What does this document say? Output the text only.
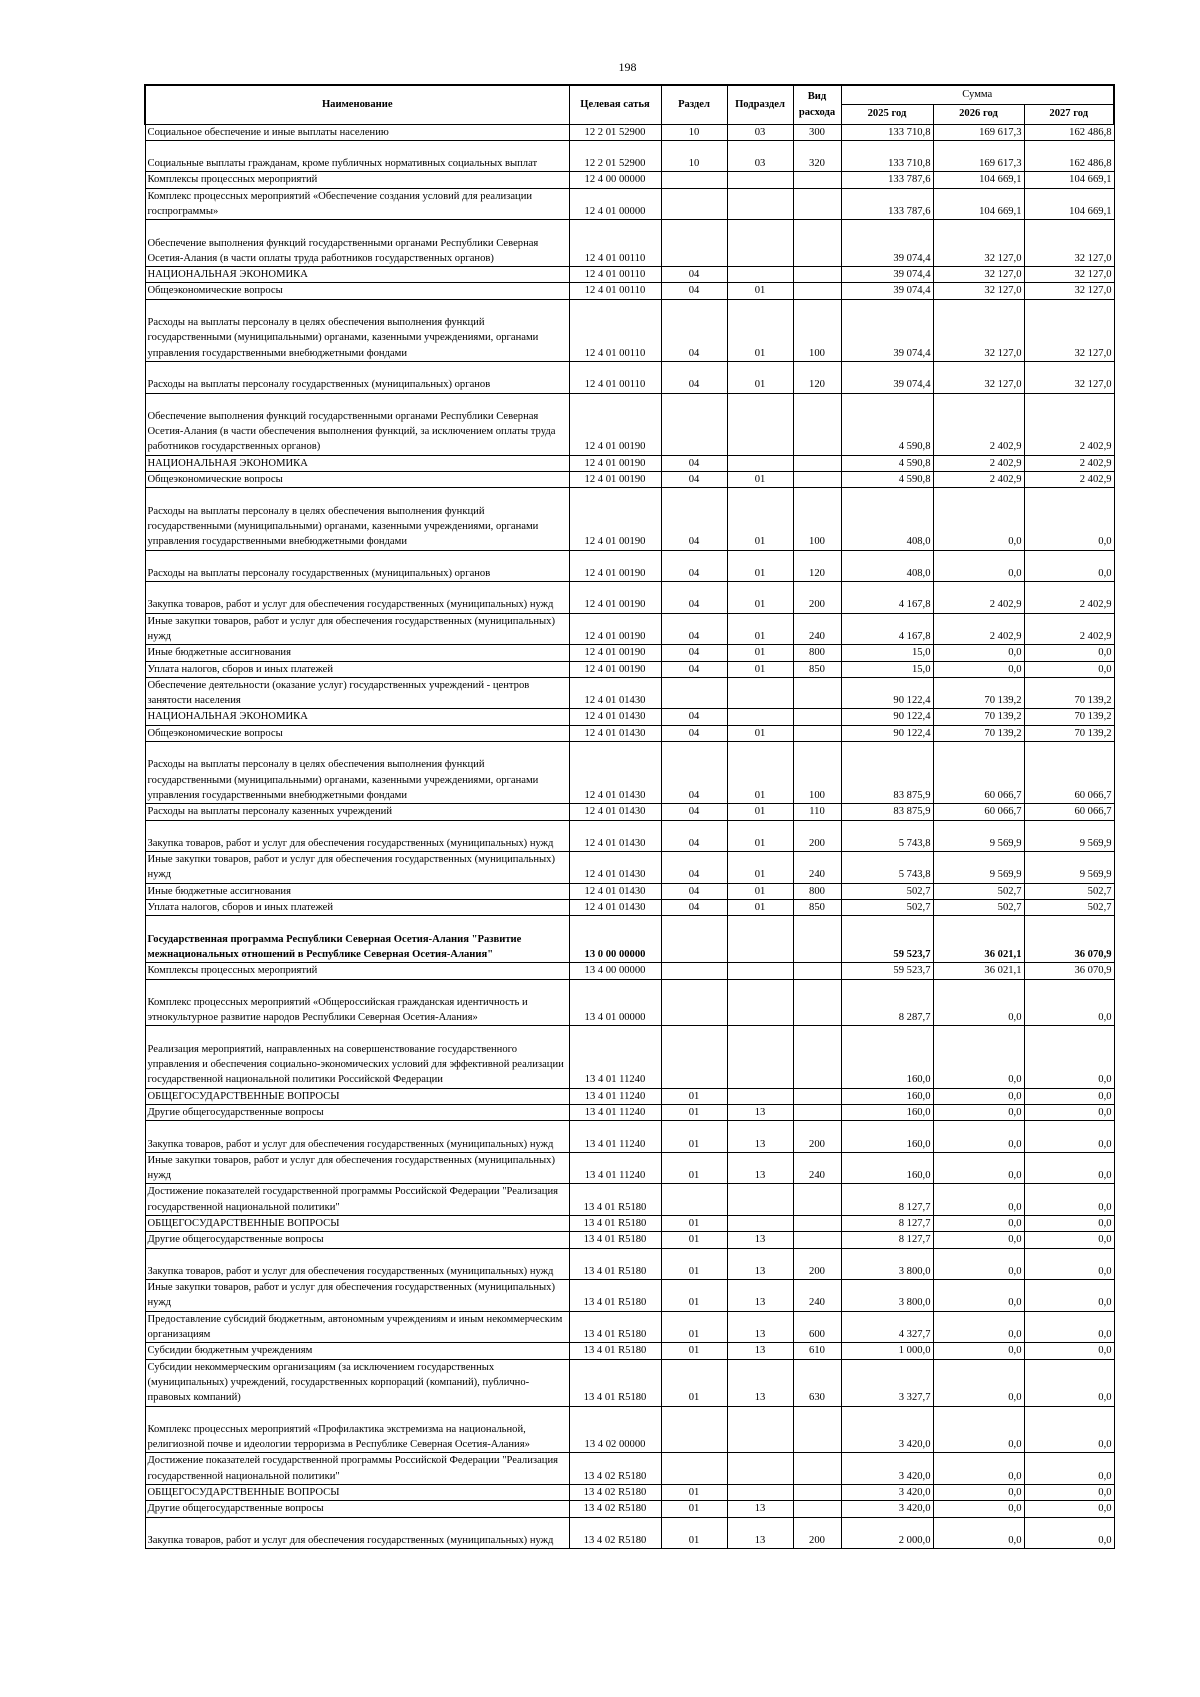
198
Наименование	Целевая сатья	Раздел	Подраздел	Вид расхода	Сумма		
					2025 год	2026 год	2027 год
Социальное обеспечение и иные выплаты населению	12 2 01 52900	10	03	300	133 710,8	169 617,3	162 486,8
Социальные выплаты гражданам, кроме публичных нормативных социальных выплат	12 2 01 52900	10	03	320	133 710,8	169 617,3	162 486,8
Комплексы процессных мероприятий	12 4 00 00000				133 787,6	104 669,1	104 669,1
Комплекс процессных мероприятий «Обеспечение создания условий для реализации госпрограммы»	12 4 01 00000				133 787,6	104 669,1	104 669,1
Обеспечение выполнения функций государственными органами Республики Северная Осетия-Алания (в части оплаты труда работников государственных органов)	12 4 01 00110				39 074,4	32 127,0	32 127,0
НАЦИОНАЛЬНАЯ ЭКОНОМИКА	12 4 01 00110	04			39 074,4	32 127,0	32 127,0
Общеэкономические вопросы	12 4 01 00110	04	01		39 074,4	32 127,0	32 127,0
Расходы на выплаты персоналу в целях обеспечения выполнения функций государственными (муниципальными) органами, казенными учреждениями, органами управления государственными внебюджетными фондами	12 4 01 00110	04	01	100	39 074,4	32 127,0	32 127,0
Расходы на выплаты персоналу государственных (муниципальных) органов	12 4 01 00110	04	01	120	39 074,4	32 127,0	32 127,0
Обеспечение выполнения функций государственными органами Республики Северная Осетия-Алания (в части обеспечения выполнения функций, за исключением оплаты труда работников государственных органов)	12 4 01 00190				4 590,8	2 402,9	2 402,9
НАЦИОНАЛЬНАЯ ЭКОНОМИКА	12 4 01 00190	04			4 590,8	2 402,9	2 402,9
Общеэкономические вопросы	12 4 01 00190	04	01		4 590,8	2 402,9	2 402,9
Расходы на выплаты персоналу в целях обеспечения выполнения функций государственными (муниципальными) органами, казенными учреждениями, органами управления государственными внебюджетными фондами	12 4 01 00190	04	01	100	408,0	0,0	0,0
Расходы на выплаты персоналу государственных (муниципальных) органов	12 4 01 00190	04	01	120	408,0	0,0	0,0
Закупка товаров, работ и услуг для обеспечения государственных (муниципальных) нужд	12 4 01 00190	04	01	200	4 167,8	2 402,9	2 402,9
Иные закупки товаров, работ и услуг для обеспечения государственных (муниципальных) нужд	12 4 01 00190	04	01	240	4 167,8	2 402,9	2 402,9
Иные бюджетные ассигнования	12 4 01 00190	04	01	800	15,0	0,0	0,0
Уплата налогов, сборов и иных платежей	12 4 01 00190	04	01	850	15,0	0,0	0,0
Обеспечение деятельности (оказание услуг) государственных учреждений - центров занятости населения	12 4 01 01430				90 122,4	70 139,2	70 139,2
НАЦИОНАЛЬНАЯ ЭКОНОМИКА	12 4 01 01430	04			90 122,4	70 139,2	70 139,2
Общеэкономические вопросы	12 4 01 01430	04	01		90 122,4	70 139,2	70 139,2
Расходы на выплаты персоналу в целях обеспечения выполнения функций государственными (муниципальными) органами, казенными учреждениями, органами управления государственными внебюджетными фондами	12 4 01 01430	04	01	100	83 875,9	60 066,7	60 066,7
Расходы на выплаты персоналу казенных учреждений	12 4 01 01430	04	01	110	83 875,9	60 066,7	60 066,7
Закупка товаров, работ и услуг для обеспечения государственных (муниципальных) нужд	12 4 01 01430	04	01	200	5 743,8	9 569,9	9 569,9
Иные закупки товаров, работ и услуг для обеспечения государственных (муниципальных) нужд	12 4 01 01430	04	01	240	5 743,8	9 569,9	9 569,9
Иные бюджетные ассигнования	12 4 01 01430	04	01	800	502,7	502,7	502,7
Уплата налогов, сборов и иных платежей	12 4 01 01430	04	01	850	502,7	502,7	502,7
Государственная программа Республики Северная Осетия-Алания "Развитие межнациональных отношений в Республике Северная Осетия-Алания"	13 0 00 00000				59 523,7	36 021,1	36 070,9
Комплексы процессных мероприятий	13 4 00 00000				59 523,7	36 021,1	36 070,9
Комплекс процессных мероприятий «Общероссийская гражданская идентичность и этнокультурное развитие народов Республики Северная Осетия-Алания»	13 4 01 00000				8 287,7	0,0	0,0
Реализация мероприятий, направленных на совершенствование государственного управления и обеспечения социально-экономических условий для эффективной реализации государственной национальной политики Российской Федерации	13 4 01 11240				160,0	0,0	0,0
ОБЩЕГОСУДАРСТВЕННЫЕ ВОПРОСЫ	13 4 01 11240	01			160,0	0,0	0,0
Другие общегосударственные вопросы	13 4 01 11240	01	13		160,0	0,0	0,0
Закупка товаров, работ и услуг для обеспечения государственных (муниципальных) нужд	13 4 01 11240	01	13	200	160,0	0,0	0,0
Иные закупки товаров, работ и услуг для обеспечения государственных (муниципальных) нужд	13 4 01 11240	01	13	240	160,0	0,0	0,0
Достижение показателей государственной программы Российской Федерации "Реализация государственной национальной политики"	13 4 01 R5180				8 127,7	0,0	0,0
ОБЩЕГОСУДАРСТВЕННЫЕ ВОПРОСЫ	13 4 01 R5180	01			8 127,7	0,0	0,0
Другие общегосударственные вопросы	13 4 01 R5180	01	13		8 127,7	0,0	0,0
Закупка товаров, работ и услуг для обеспечения государственных (муниципальных) нужд	13 4 01 R5180	01	13	200	3 800,0	0,0	0,0
Иные закупки товаров, работ и услуг для обеспечения государственных (муниципальных) нужд	13 4 01 R5180	01	13	240	3 800,0	0,0	0,0
Предоставление субсидий бюджетным, автономным учреждениям и иным некоммерческим организациям	13 4 01 R5180	01	13	600	4 327,7	0,0	0,0
Субсидии бюджетным учреждениям	13 4 01 R5180	01	13	610	1 000,0	0,0	0,0
Субсидии некоммерческим организациям (за исключением государственных (муниципальных) учреждений, государственных корпораций (компаний), публично-правовых компаний)	13 4 01 R5180	01	13	630	3 327,7	0,0	0,0
Комплекс процессных мероприятий «Профилактика экстремизма на национальной, религиозной почве и идеологии терроризма в Республике Северная Осетия-Алания»	13 4 02 00000				3 420,0	0,0	0,0
Достижение показателей государственной программы Российской Федерации "Реализация государственной национальной политики"	13 4 02 R5180				3 420,0	0,0	0,0
ОБЩЕГОСУДАРСТВЕННЫЕ ВОПРОСЫ	13 4 02 R5180	01			3 420,0	0,0	0,0
Другие общегосударственные вопросы	13 4 02 R5180	01	13		3 420,0	0,0	0,0
Закупка товаров, работ и услуг для обеспечения государственных (муниципальных) нужд	13 4 02 R5180	01	13	200	2 000,0	0,0	0,0
